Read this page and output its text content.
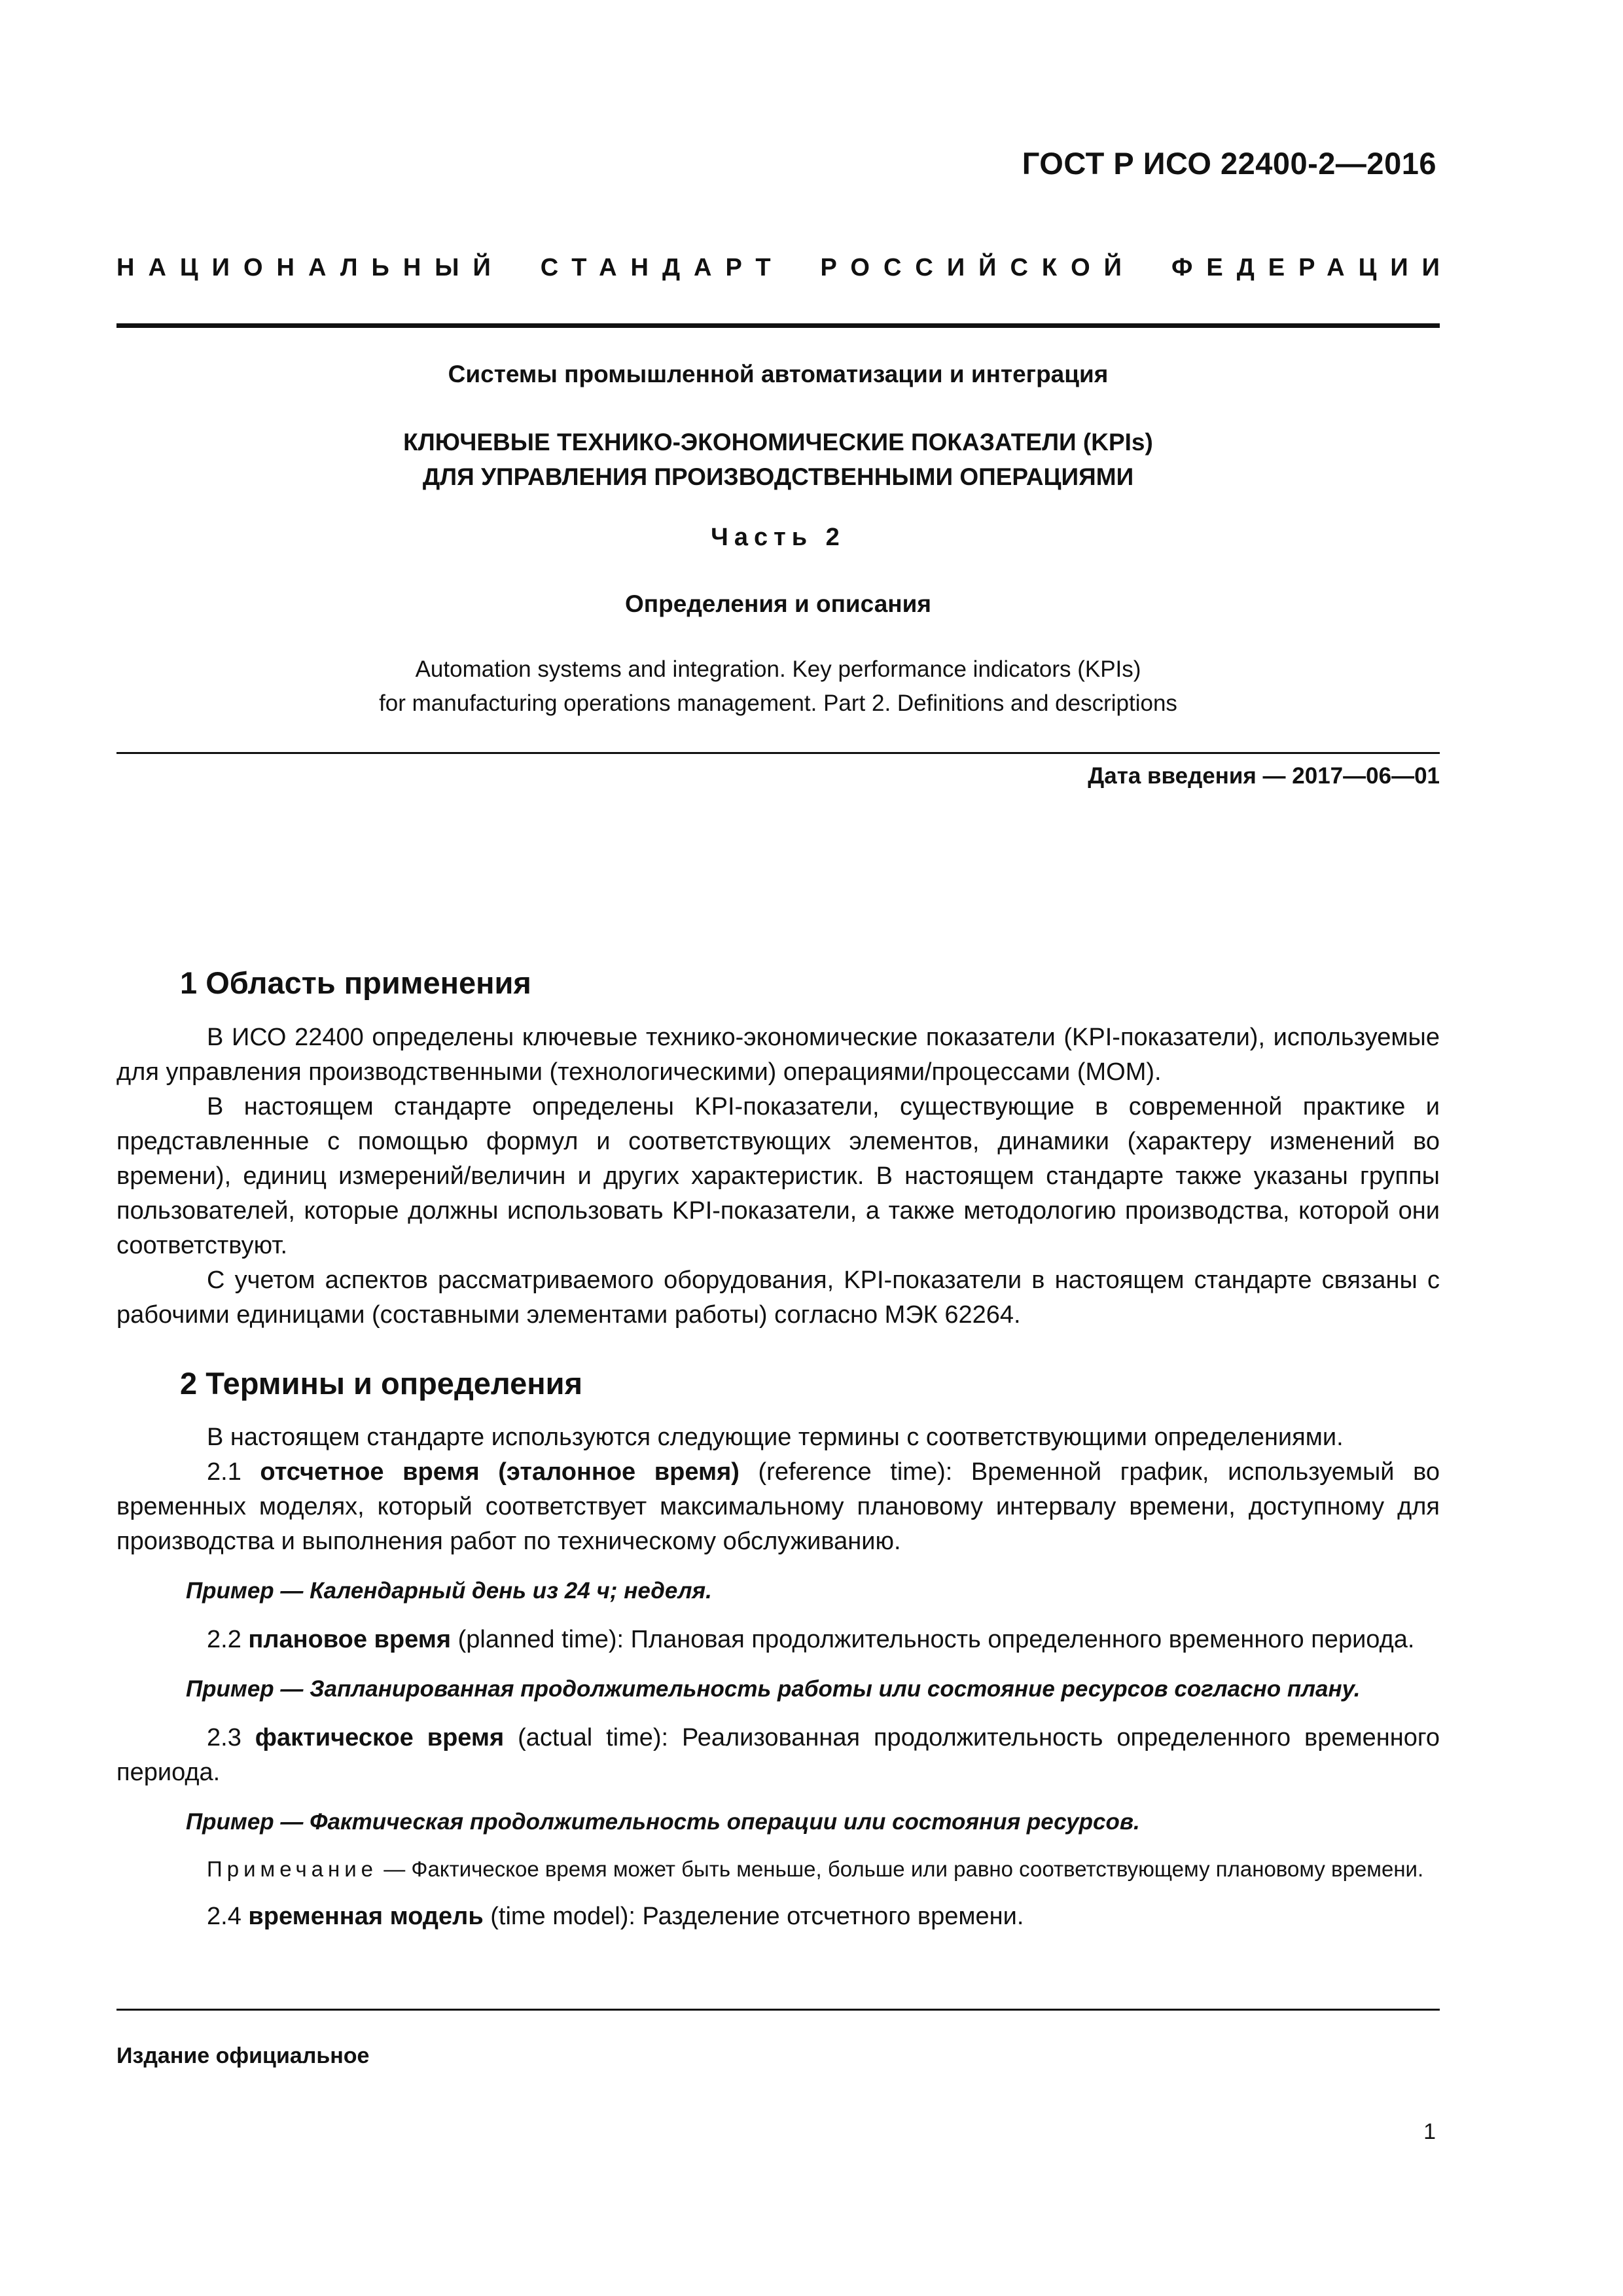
ГОСТ Р ИСО 22400-2—2016
НАЦИОНАЛЬНЫЙ СТАНДАРТ РОССИЙСКОЙ ФЕДЕРАЦИИ
Системы промышленной автоматизации и интеграция
КЛЮЧЕВЫЕ ТЕХНИКО-ЭКОНОМИЧЕСКИЕ ПОКАЗАТЕЛИ (KPIs)
ДЛЯ УПРАВЛЕНИЯ ПРОИЗВОДСТВЕННЫМИ ОПЕРАЦИЯМИ
Часть 2
Определения и описания
Automation systems and integration. Key performance indicators (KPIs)
for manufacturing operations management. Part 2. Definitions and descriptions
Дата введения — 2017—06—01
1 Область применения

В ИСО 22400 определены ключевые технико-экономические показатели (KPI-показатели), используемые для управления производственными (технологическими) операциями/процессами (MOM).

В настоящем стандарте определены KPI-показатели, существующие в современной практике и представленные с помощью формул и соответствующих элементов, динамики (характеру изменений во времени), единиц измерений/величин и других характеристик. В настоящем стандарте также указаны группы пользователей, которые должны использовать KPI-показатели, а также методологию производства, которой они соответствуют.

С учетом аспектов рассматриваемого оборудования, KPI-показатели в настоящем стандарте связаны с рабочими единицами (составными элементами работы) согласно МЭК 62264.

2 Термины и определения

В настоящем стандарте используются следующие термины с соответствующими определениями.

2.1 отсчетное время (эталонное время) (reference time): Временной график, используемый во временных моделях, который соответствует максимальному плановому интервалу времени, доступному для производства и выполнения работ по техническому обслуживанию.

Пример — Календарный день из 24 ч; неделя.

2.2 плановое время (planned time): Плановая продолжительность определенного временного периода.

Пример — Запланированная продолжительность работы или состояние ресурсов согласно плану.

2.3 фактическое время (actual time): Реализованная продолжительность определенного временного периода.

Пример — Фактическая продолжительность операции или состояния ресурсов.

Примечание — Фактическое время может быть меньше, больше или равно соответствующему плановому времени.

2.4 временная модель (time model): Разделение отсчетного времени.

Издание официальное
1
